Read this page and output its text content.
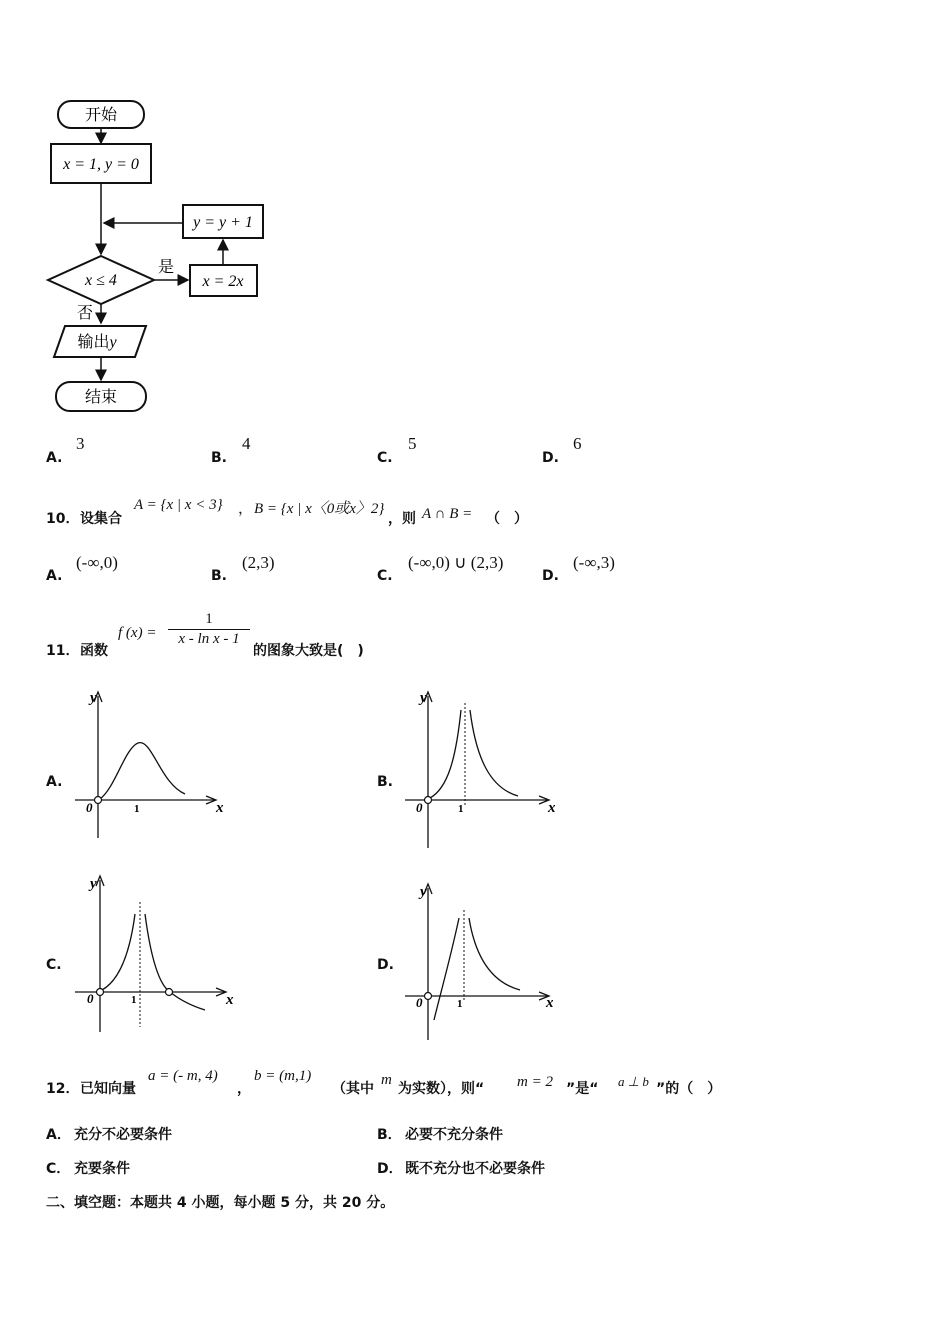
开始
x = 1, y = 0
y = y + 1
x ≤ 4
是
x = 2x
否
输出y
结束
A.
3
B.
4
C.
5
D.
6
10． 设集合
A = {x | x < 3} ， B = {x | x〈0或x〉2}
，则 A ∩ B = （　）
A.
(-∞,0)
B.
(2,3)
C.
(-∞,0) ∪ (2,3)
D.
(-∞,3)
11． 函数
f $(x) = \frac{1}{\text{x - ln x - 1}}$
的图象大致是(　)
A.	B.
C.	D.
y
x
0	1
y
x
0	1
y
x
0	1
y
x
0	1
12． 已知向量
a = (- m, 4)
，
b = (m,1)
（其中
m
为实数），则“ m = 2 ”是“ a ⊥ b ”的（　）
A． 充分不必要条件	B． 必要不充分条件
C． 充要条件	D． 既不充分也不必要条件
二、填空题：本题共 4 小题，每小题 5 分，共 20 分。
